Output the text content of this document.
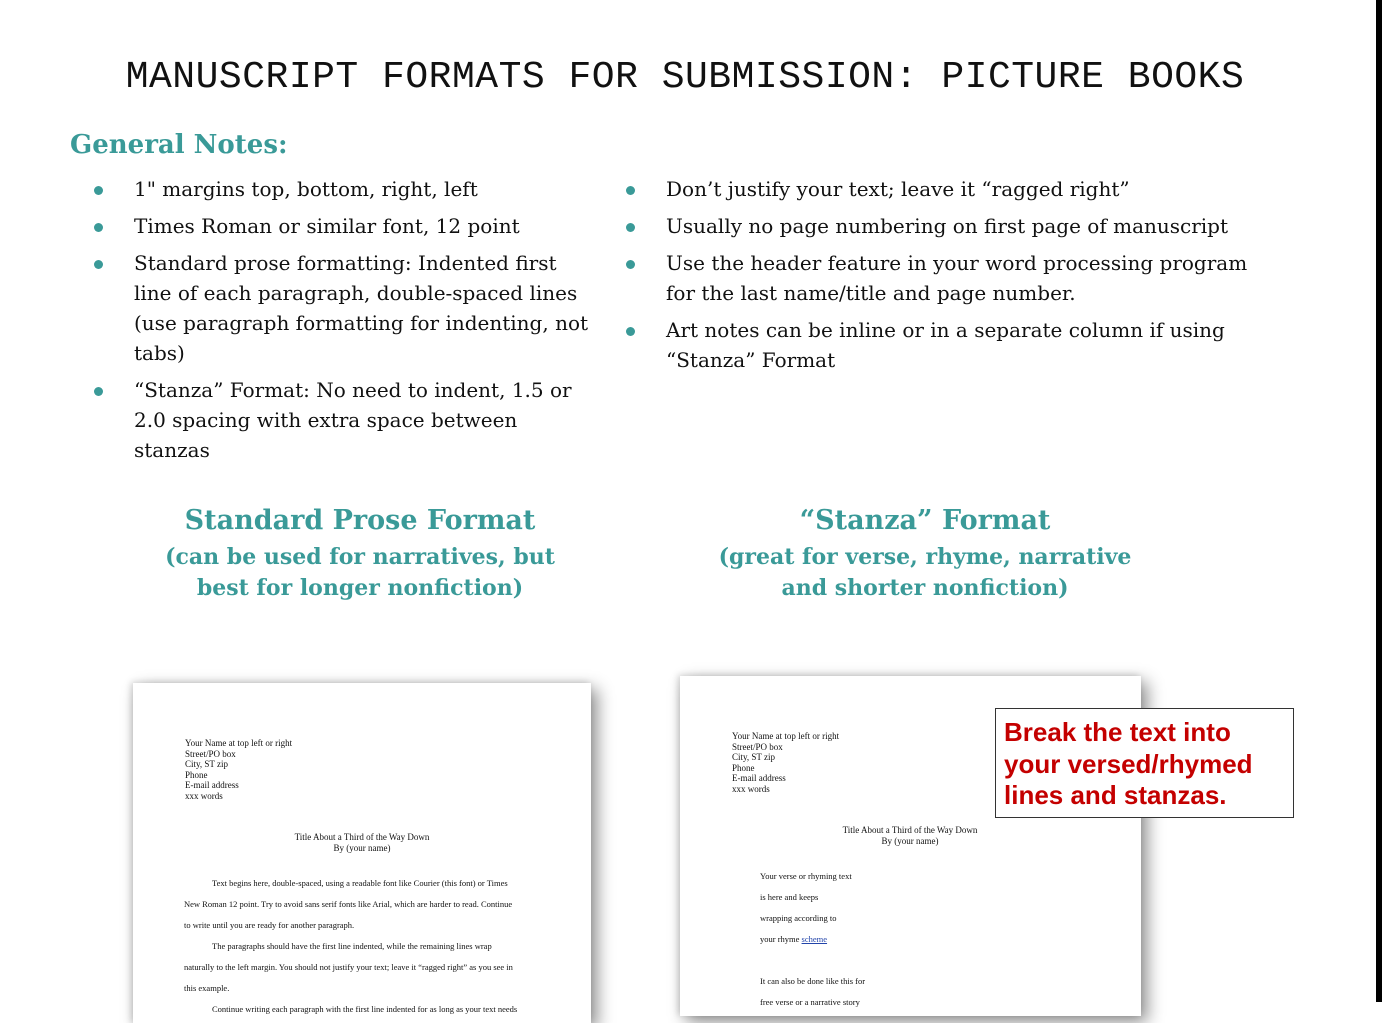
MANUSCRIPT FORMATS FOR SUBMISSION: PICTURE BOOKS
General Notes:
1" margins top, bottom, right, left
Times Roman or similar font, 12 point
Standard prose formatting: Indented first line of each paragraph, double-spaced lines (use paragraph formatting for indenting, not tabs)
“Stanza” Format: No need to indent, 1.5 or 2.0 spacing with extra space between stanzas
Don’t justify your text; leave it “ragged right”
Usually no page numbering on first page of manuscript
Use the header feature in your word processing program for the last name/title and page number.
Art notes can be inline or in a separate column if using “Stanza” Format
Standard Prose Format
(can be used for narratives, but
best for longer nonfiction)
“Stanza” Format
(great for verse, rhyme, narrative
and shorter nonfiction)
Your Name at top left or right
Street/PO box
City, ST zip
Phone
E-mail address
xxx words
Title About a Third of the Way Down
By (your name)
Text begins here, double-spaced, using a readable font like Courier (this font) or Times
New Roman 12 point. Try to avoid sans serif fonts like Arial, which are harder to read. Continue
to write until you are ready for another paragraph.
The paragraphs should have the first line indented, while the remaining lines wrap
naturally to the left margin. You should not justify your text; leave it “ragged right” as you see in
this example.
Continue writing each paragraph with the first line indented for as long as your text needs
Your Name at top left or right
Street/PO box
City, ST zip
Phone
E-mail address
xxx words
Title About a Third of the Way Down
By (your name)
Your verse or rhyming text
is here and keeps
wrapping according to
your rhyme scheme
It can also be done like this for
free verse or a narrative story
Break the text into
your versed/rhymed
lines and stanzas.
